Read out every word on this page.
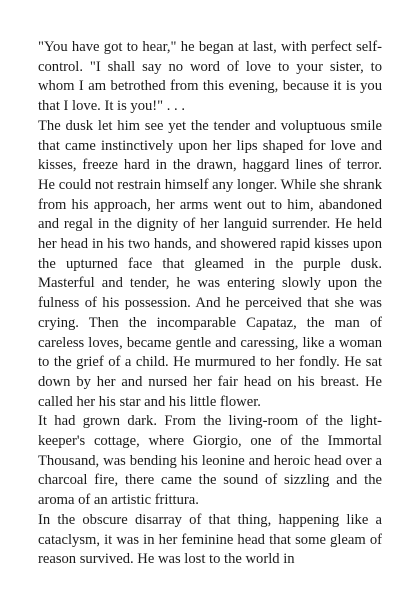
"You have got to hear," he began at last, with perfect self-control. "I shall say no word of love to your sister, to whom I am betrothed from this evening, because it is you that I love. It is you!" . . .

The dusk let him see yet the tender and voluptuous smile that came instinctively upon her lips shaped for love and kisses, freeze hard in the drawn, haggard lines of terror. He could not restrain himself any longer. While she shrank from his approach, her arms went out to him, abandoned and regal in the dignity of her languid surrender. He held her head in his two hands, and showered rapid kisses upon the upturned face that gleamed in the purple dusk. Masterful and tender, he was entering slowly upon the fulness of his possession. And he perceived that she was crying. Then the incomparable Capataz, the man of careless loves, became gentle and caressing, like a woman to the grief of a child. He murmured to her fondly. He sat down by her and nursed her fair head on his breast. He called her his star and his little flower.

It had grown dark. From the living-room of the light-keeper's cottage, where Giorgio, one of the Immortal Thousand, was bending his leonine and heroic head over a charcoal fire, there came the sound of sizzling and the aroma of an artistic frittura.

In the obscure disarray of that thing, happening like a cataclysm, it was in her feminine head that some gleam of reason survived. He was lost to the world in
